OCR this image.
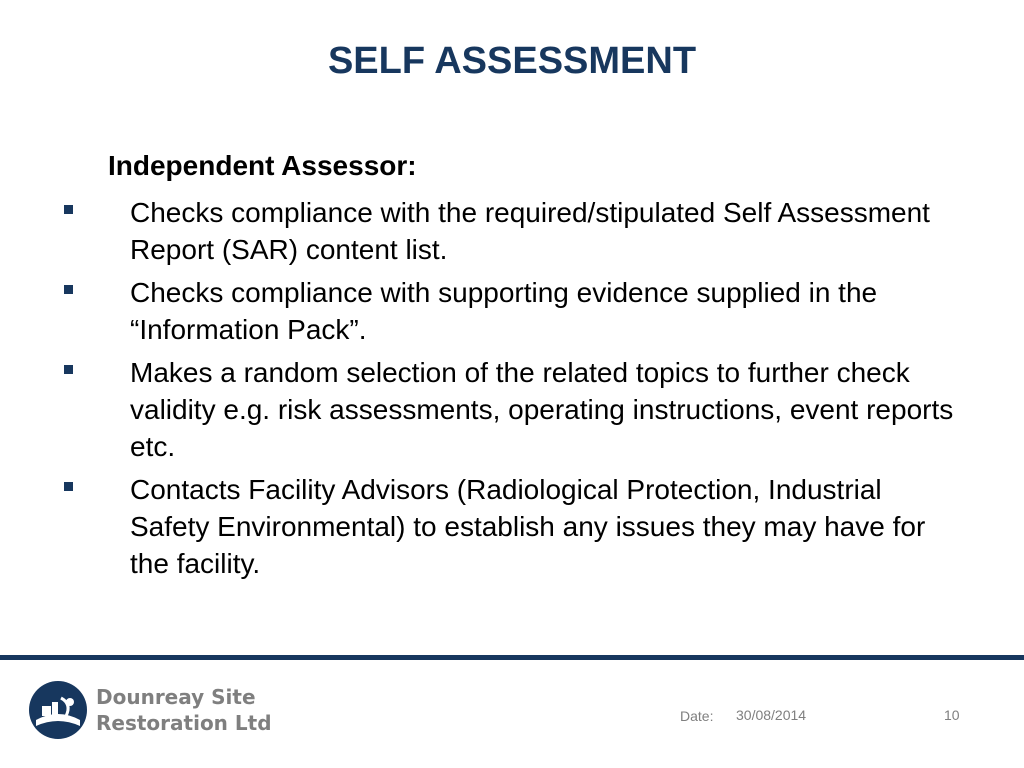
SELF ASSESSMENT
Independent Assessor:
Checks compliance with the required/stipulated Self Assessment Report (SAR) content list.
Checks compliance with supporting evidence supplied in the “Information Pack”.
Makes a random selection of the related topics to further check validity e.g. risk assessments, operating instructions, event reports etc.
Contacts Facility Advisors (Radiological Protection, Industrial Safety Environmental) to establish any issues they may have for the facility.
Dounreay Site
Restoration Ltd	Date: 30/08/2014	10
